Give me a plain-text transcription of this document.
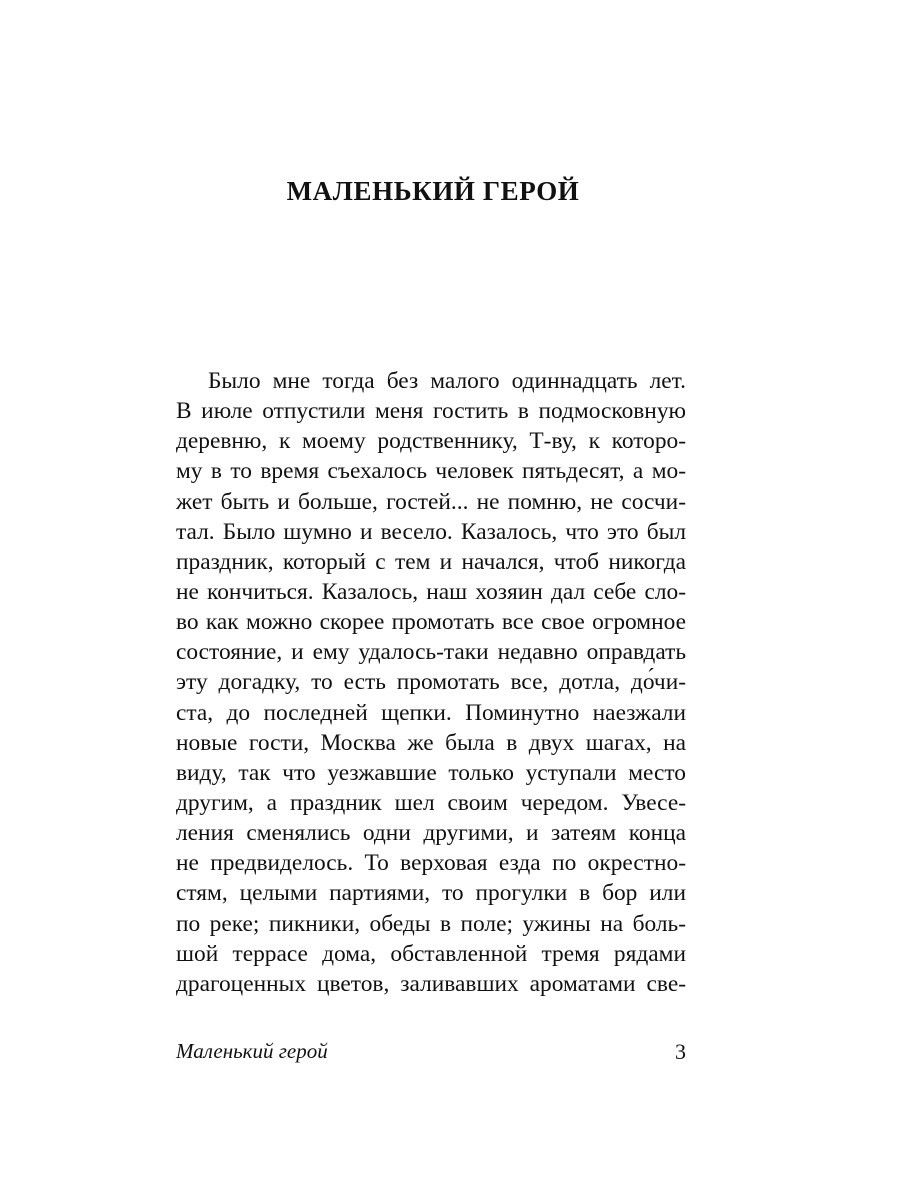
МАЛЕНЬКИЙ ГЕРОЙ
Было мне тогда без малого одиннадцать лет.
В июле отпустили меня гостить в подмосковную
деревню, к моему родственнику, Т-ву, к которо-
му в то время съехалось человек пятьдесят, а мо-
жет быть и больше, гостей... не помню, не сосчи-
тал. Было шумно и весело. Казалось, что это был
праздник, который с тем и начался, чтоб никогда
не кончиться. Казалось, наш хозяин дал себе сло-
во как можно скорее промотать все свое огромное
состояние, и ему удалось-таки недавно оправдать
эту догадку, то есть промотать все, дотла, до́чи-
ста, до последней щепки. Поминутно наезжали
новые гости, Москва же была в двух шагах, на
виду, так что уезжавшие только уступали место
другим, а праздник шел своим чередом. Увесе-
ления сменялись одни другими, и затеям конца
не предвиделось. То верховая езда по окрестно-
стям, целыми партиями, то прогулки в бор или
по реке; пикники, обеды в поле; ужины на боль-
шой террасе дома, обставленной тремя рядами
драгоценных цветов, заливавших ароматами све-
Маленький герой	3
